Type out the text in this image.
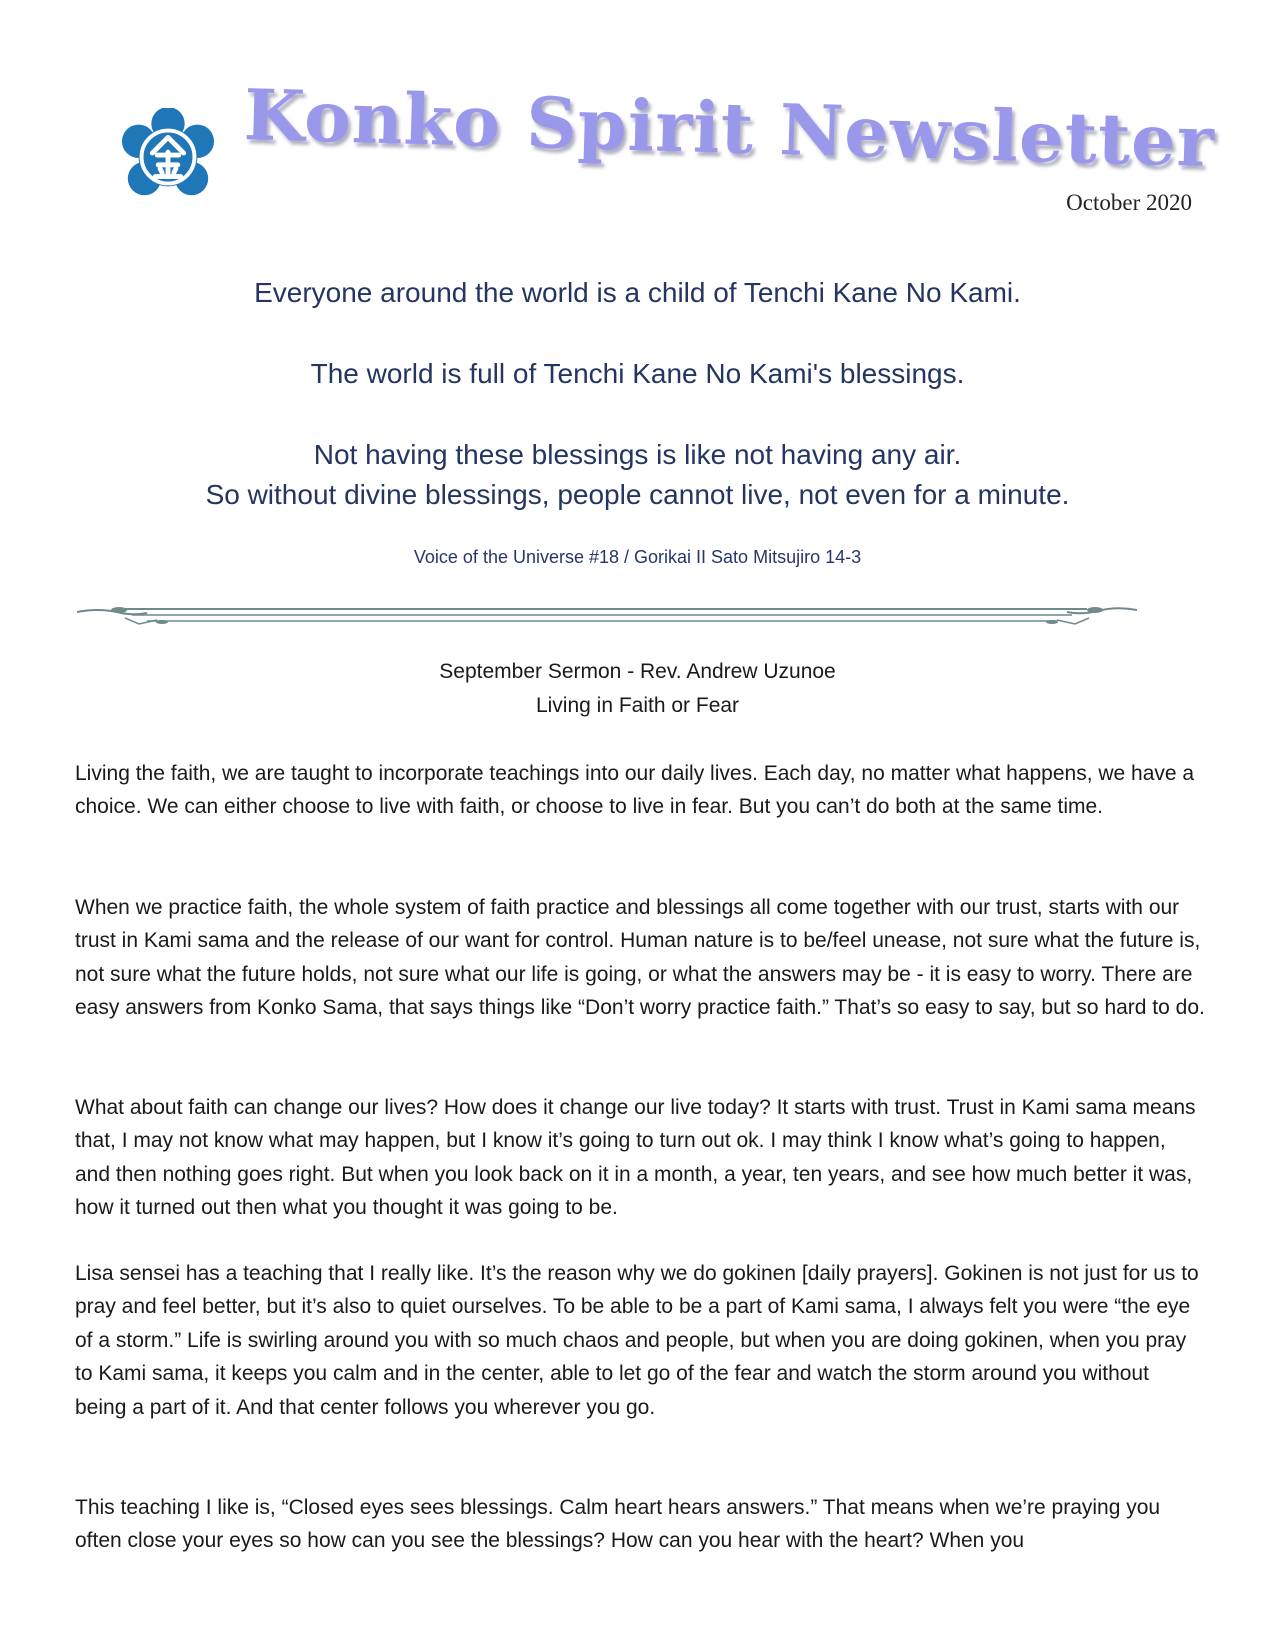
Konko Spirit Newsletter
October 2020
Everyone around the world is a child of Tenchi Kane No Kami.
The world is full of Tenchi Kane No Kami's blessings.
Not having these blessings is like not having any air.
So without divine blessings, people cannot live, not even for a minute.
Voice of the Universe #18 / Gorikai II Sato Mitsujiro 14-3
September Sermon - Rev. Andrew Uzunoe
Living in Faith or Fear
Living the faith, we are taught to incorporate teachings into our daily lives. Each day, no matter what happens, we have a choice. We can either choose to live with faith, or choose to live in fear. But you can’t do both at the same time.
When we practice faith, the whole system of faith practice and blessings all come together with our trust, starts with our trust in Kami sama and the release of our want for control. Human nature is to be/feel unease, not sure what the future is, not sure what the future holds, not sure what our life is going, or what the answers may be - it is easy to worry. There are easy answers from Konko Sama, that says things like “Don’t worry practice faith.” That’s so easy to say, but so hard to do.
What about faith can change our lives? How does it change our live today? It starts with trust. Trust in Kami sama means that, I may not know what may happen, but I know it’s going to turn out ok. I may think I know what’s going to happen, and then nothing goes right. But when you look back on it in a month, a year, ten years, and see how much better it was, how it turned out then what you thought it was going to be.
Lisa sensei has a teaching that I really like. It’s the reason why we do gokinen [daily prayers]. Gokinen is not just for us to pray and feel better, but it’s also to quiet ourselves. To be able to be a part of Kami sama, I always felt you were “the eye of a storm.” Life is swirling around you with so much chaos and people, but when you are doing gokinen, when you pray to Kami sama, it keeps you calm and in the center, able to let go of the fear and watch the storm around you without being a part of it. And that center follows you wherever you go.
This teaching I like is, “Closed eyes sees blessings. Calm heart hears answers.” That means when we’re praying you often close your eyes so how can you see the blessings? How can you hear with the heart? When you
